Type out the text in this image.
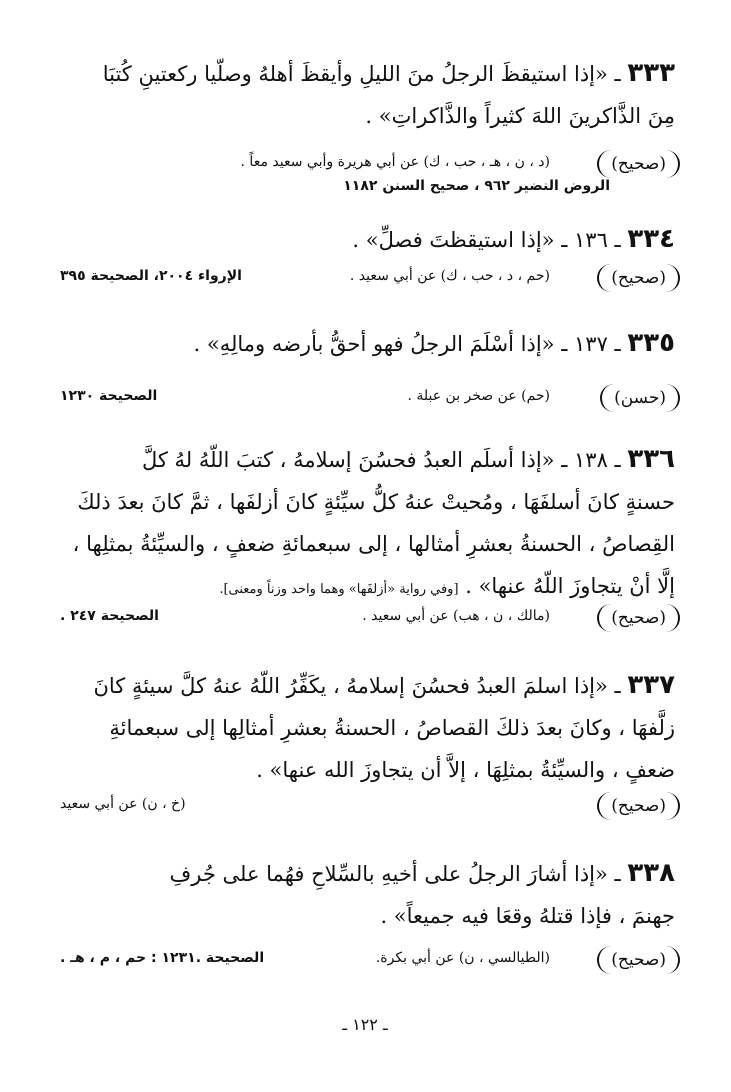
٣٣٣ ـ «إذا استيقظَ الرجلُ منَ الليلِ وأيقظَ أهلهُ وصلّيا ركعتينِ كُتبَا
مِنَ الذَّاكرينَ اللهَ كثيراً والذَّاكراتِ» .
(صحيح)
(د ، ن ، هـ ، حب ، ك) عن أبي هريرة وأبي سعيد معاً .
الروض النضير ٩٦٢ ، صحيح السنن ١١٨٢
٣٣٤ ـ ١٣٦ ـ «إذا استيقظتَ فصلِّ» .
(صحيح)
(حم ، د ، حب ، ك) عن أبي سعيد .
الإرواء ٢٠٠٤، الصحيحة ٣٩٥
٣٣٥ ـ ١٣٧ ـ «إذا أسْلَمَ الرجلُ فهو أحقُّ بأرضه ومالِهِ» .
(حسن)
(حم) عن صخر بن عبلة .
الصحيحة ١٢٣٠
٣٣٦ ـ ١٣٨ ـ «إذا أسلَم العبدُ فحسُنَ إسلامهُ ، كتبَ اللّهُ لهُ كلَّ
حسنةٍ كانَ أسلفَهَا ، ومُحيتْ عنهُ كلُّ سيِّئةٍ كانَ أزلفَها ، ثمَّ كانَ بعدَ ذلكَ
القِصاصُ ، الحسنةُ بعشرِ أمثالها ، إلى سبعمائةِ ضعفٍ ، والسيِّئةُ بمثلِها ،
إلَّا أنْ يتجاوزَ اللّهُ عنها» . [وفي رواية «أزلفَها» وهما واحد وزناً ومعنى].
(صحيح)
(مالك ، ن ، هب) عن أبي سعيد .
الصحيحة ٢٤٧ .
٣٣٧ ـ «إذا اسلمَ العبدُ فحسُنَ إسلامهُ ، يكَفِّرُ اللّهُ عنهُ كلَّ سيئةٍ كانَ
زلَّفهَا ، وكانَ بعدَ ذلكَ القصاصُ ، الحسنةُ بعشرِ أمثالِها إلى سبعمائةِ
ضعفٍ ، والسيِّئةُ بمثلِهَا ، إلاَّ أن يتجاوزَ الله عنها» .
(صحيح)
(خ ، ن) عن أبي سعيد
٣٣٨ ـ «إذا أشارَ الرجلُ على أخيهِ بالسِّلاحِ فهُما على جُرفِ
جهنمَ ، فإذا قتلهُ وقعَا فيه جميعاً» .
(صحيح)
(الطيالسي ، ن) عن أبي بكرة.
الصحيحة .١٢٣١ : حم ، م ، هـ .
ـ ١٢٢ ـ
